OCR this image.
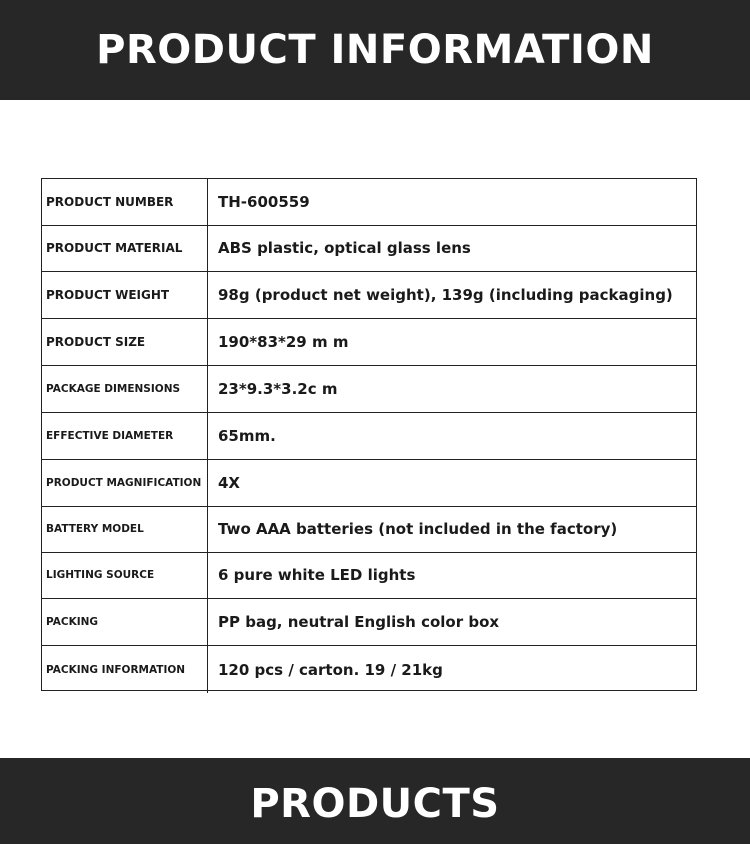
PRODUCT INFORMATION
PRODUCT NUMBER	TH-600559
PRODUCT MATERIAL	ABS plastic, optical glass lens
PRODUCT WEIGHT	98g (product net weight), 139g (including packaging)
PRODUCT SIZE	190*83*29 m m
PACKAGE DIMENSIONS	23*9.3*3.2c m
EFFECTIVE DIAMETER	65mm.
PRODUCT MAGNIFICATION	4X
BATTERY MODEL	Two AAA batteries (not included in the factory)
LIGHTING SOURCE	6 pure white LED lights
PACKING	PP bag, neutral English color box
PACKING INFORMATION	120 pcs / carton. 19 / 21kg
PRODUCTS
